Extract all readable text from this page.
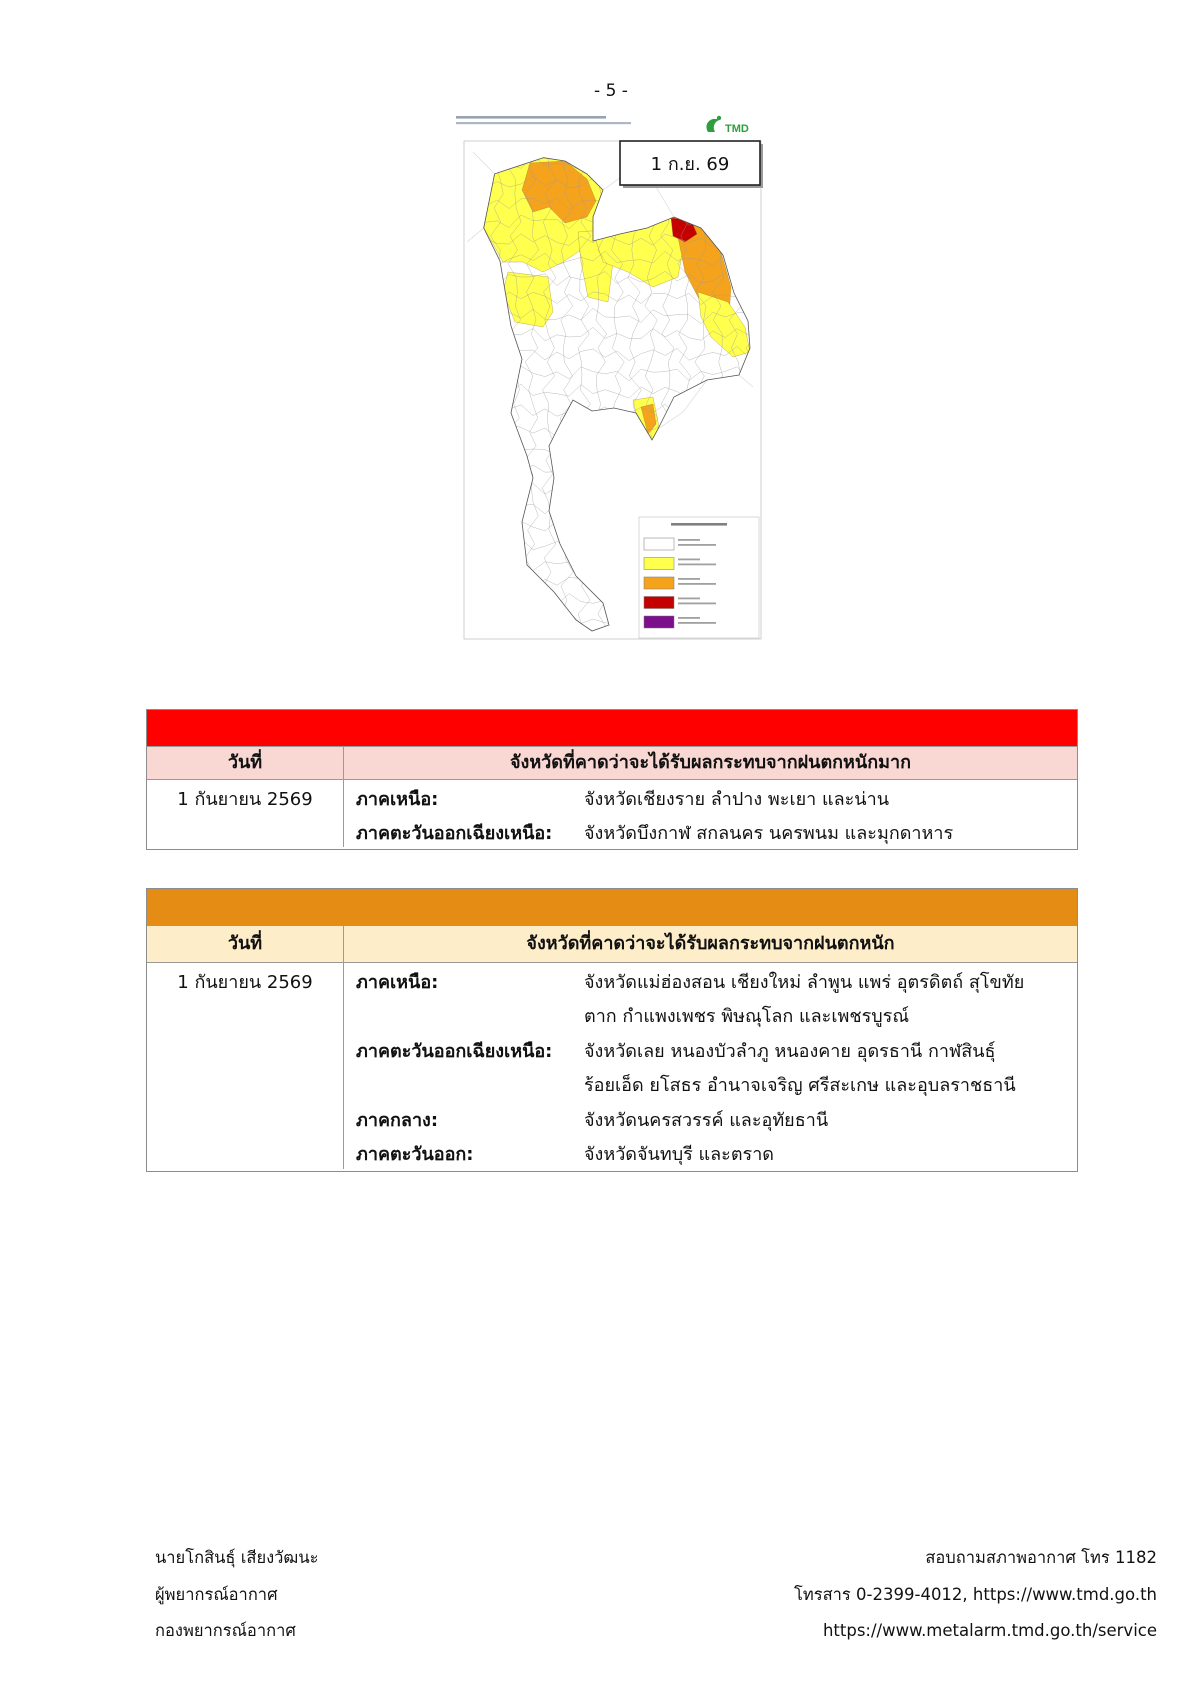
- 5 -
TMD
1 ก.ย. 69
วันที่	จังหวัดที่คาดว่าจะได้รับผลกระทบจากฝนตกหนักมาก
1 กันยายน 2569	ภาคเหนือ:	จังหวัดเชียงราย ลำปาง พะเยา และน่าน
ภาคตะวันออกเฉียงเหนือ:	จังหวัดบึงกาฬ สกลนคร นครพนม และมุกดาหาร
วันที่	จังหวัดที่คาดว่าจะได้รับผลกระทบจากฝนตกหนัก
1 กันยายน 2569	ภาคเหนือ:	จังหวัดแม่ฮ่องสอน เชียงใหม่ ลำพูน แพร่ อุตรดิตถ์ สุโขทัย
ตาก กำแพงเพชร พิษณุโลก และเพชรบูรณ์
ภาคตะวันออกเฉียงเหนือ:	จังหวัดเลย หนองบัวลำภู หนองคาย อุดรธานี กาฬสินธุ์
ร้อยเอ็ด ยโสธร อำนาจเจริญ ศรีสะเกษ และอุบลราชธานี
ภาคกลาง:	จังหวัดนครสวรรค์ และอุทัยธานี
ภาคตะวันออก:	จังหวัดจันทบุรี และตราด
นายโกสินธุ์ เสียงวัฒนะ
ผู้พยากรณ์อากาศ
กองพยากรณ์อากาศ
สอบถามสภาพอากาศ โทร 1182
โทรสาร 0-2399-4012, https://www.tmd.go.th
https://www.metalarm.tmd.go.th/service
